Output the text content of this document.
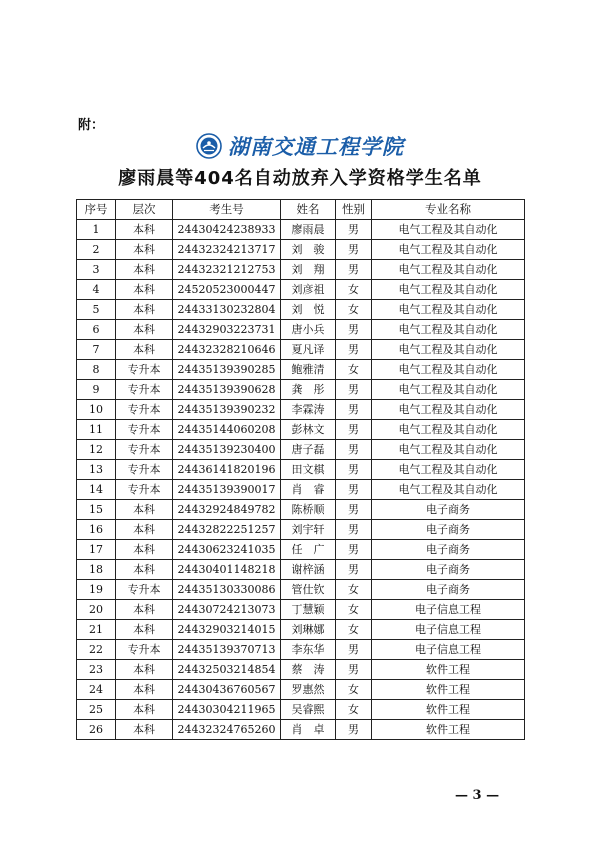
附：
湖南交通工程学院
廖雨晨等404名自动放弃入学资格学生名单
序号	层次	考生号	姓名	性别	专业名称
1	本科	24430424238933	廖雨晨	男	电气工程及其自动化
2	本科	24432324213717	刘　骏	男	电气工程及其自动化
3	本科	24432321212753	刘　翔	男	电气工程及其自动化
4	本科	24520523000447	刘彦祖	女	电气工程及其自动化
5	本科	24433130232804	刘　悦	女	电气工程及其自动化
6	本科	24432903223731	唐小兵	男	电气工程及其自动化
7	本科	24432328210646	夏凡译	男	电气工程及其自动化
8	专升本	24435139390285	鲍雅清	女	电气工程及其自动化
9	专升本	24435139390628	龚　彤	男	电气工程及其自动化
10	专升本	24435139390232	李霖涛	男	电气工程及其自动化
11	专升本	24435144060208	彭林文	男	电气工程及其自动化
12	专升本	24435139230400	唐子磊	男	电气工程及其自动化
13	专升本	24436141820196	田文棋	男	电气工程及其自动化
14	专升本	24435139390017	肖　睿	男	电气工程及其自动化
15	本科	24432924849782	陈桥顺	男	电子商务
16	本科	24432822251257	刘宇轩	男	电子商务
17	本科	24430623241035	任　广	男	电子商务
18	本科	24430401148218	谢梓涵	男	电子商务
19	专升本	24435130330086	管仕钦	女	电子商务
20	本科	24430724213073	丁慧颖	女	电子信息工程
21	本科	24432903214015	刘琳娜	女	电子信息工程
22	专升本	24435139370713	李东华	男	电子信息工程
23	本科	24432503214854	蔡　涛	男	软件工程
24	本科	24430436760567	罗惠然	女	软件工程
25	本科	24430304211965	吴睿熙	女	软件工程
26	本科	24432324765260	肖　卓	男	软件工程
— 3 —
